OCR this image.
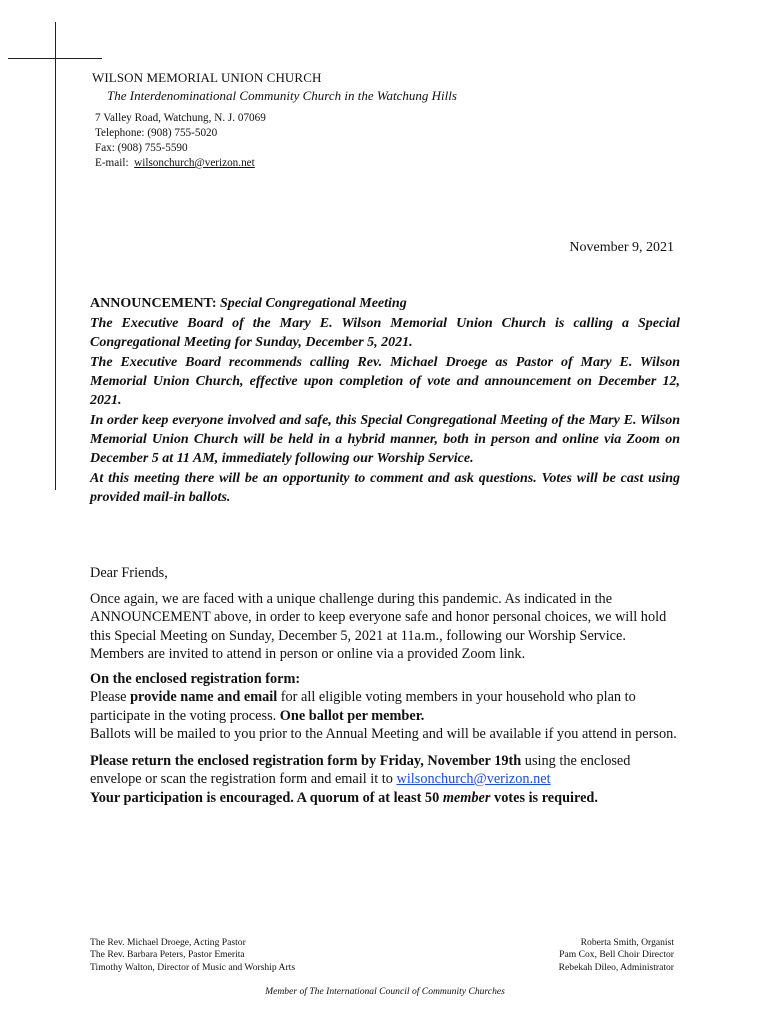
WILSON MEMORIAL UNION CHURCH
The Interdenominational Community Church in the Watchung Hills
7 Valley Road, Watchung, N. J. 07069
Telephone: (908) 755-5020
Fax: (908) 755-5590
E-mail: wilsonchurch@verizon.net
November 9, 2021

ANNOUNCEMENT: Special Congregational Meeting

The Executive Board of the Mary E. Wilson Memorial Union Church is calling a Special Congregational Meeting for Sunday, December 5, 2021.

The Executive Board recommends calling Rev. Michael Droege as Pastor of Mary E. Wilson Memorial Union Church, effective upon completion of vote and announcement on December 12, 2021.

In order keep everyone involved and safe, this Special Congregational Meeting of the Mary E. Wilson Memorial Union Church will be held in a hybrid manner, both in person and online via Zoom on December 5 at 11 AM, immediately following our Worship Service.

At this meeting there will be an opportunity to comment and ask questions. Votes will be cast using provided mail-in ballots.

Dear Friends,

Once again, we are faced with a unique challenge during this pandemic. As indicated in the ANNOUNCEMENT above, in order to keep everyone safe and honor personal choices, we will hold this Special Meeting on Sunday, December 5, 2021 at 11a.m., following our Worship Service. Members are invited to attend in person or online via a provided Zoom link.

On the enclosed registration form:
Please provide name and email for all eligible voting members in your household who plan to participate in the voting process. One ballot per member.
Ballots will be mailed to you prior to the Annual Meeting and will be available if you attend in person.

Please return the enclosed registration form by Friday, November 19th using the enclosed envelope or scan the registration form and email it to wilsonchurch@verizon.net
Your participation is encouraged. A quorum of at least 50 member votes is required.

The Rev. Michael Droege, Acting Pastor
The Rev. Barbara Peters, Pastor Emerita
Timothy Walton, Director of Music and Worship Arts
Roberta Smith, Organist
Pam Cox, Bell Choir Director
Rebekah Dileo, Administrator
Member of The International Council of Community Churches
